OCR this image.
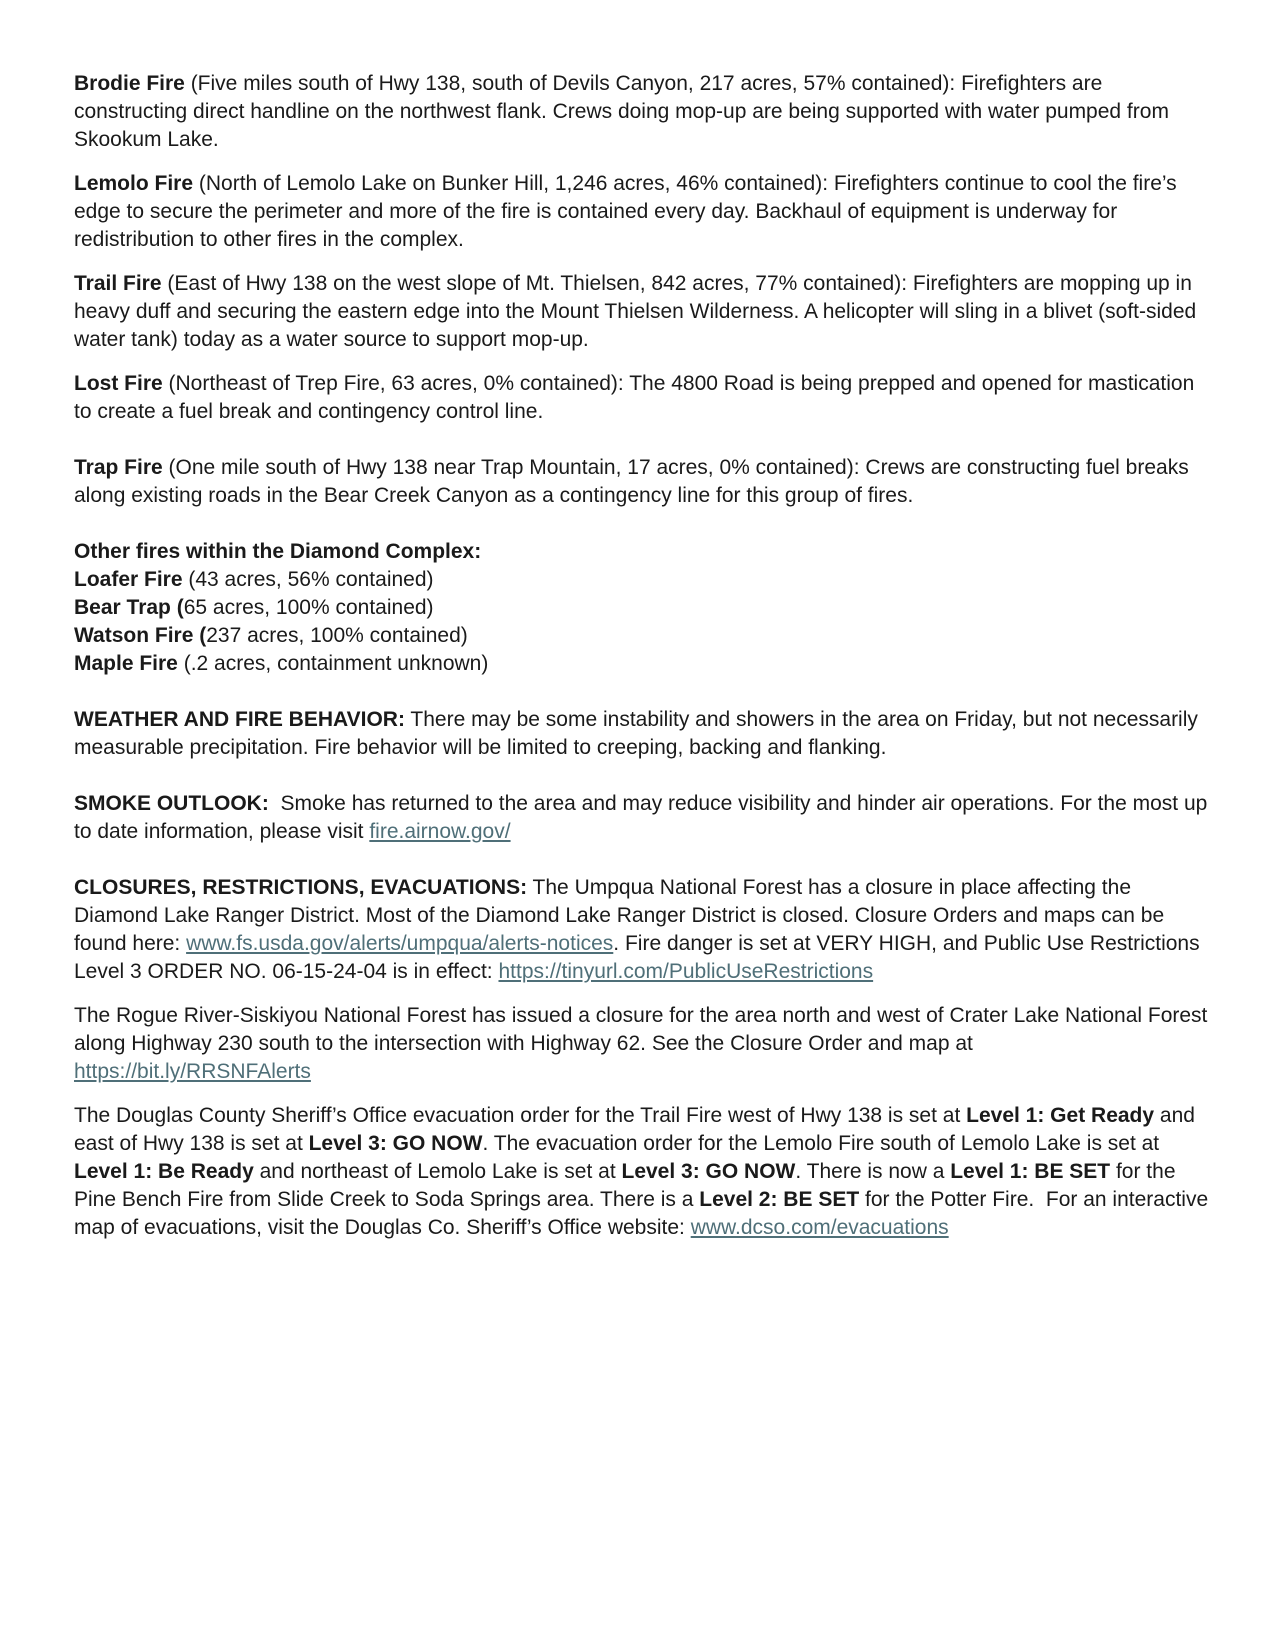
Brodie Fire (Five miles south of Hwy 138, south of Devils Canyon, 217 acres, 57% contained): Firefighters are constructing direct handline on the northwest flank. Crews doing mop-up are being supported with water pumped from Skookum Lake.

Lemolo Fire (North of Lemolo Lake on Bunker Hill, 1,246 acres, 46% contained): Firefighters continue to cool the fire’s edge to secure the perimeter and more of the fire is contained every day. Backhaul of equipment is underway for redistribution to other fires in the complex.

Trail Fire (East of Hwy 138 on the west slope of Mt. Thielsen, 842 acres, 77% contained): Firefighters are mopping up in heavy duff and securing the eastern edge into the Mount Thielsen Wilderness. A helicopter will sling in a blivet (soft-sided water tank) today as a water source to support mop-up.

Lost Fire (Northeast of Trep Fire, 63 acres, 0% contained): The 4800 Road is being prepped and opened for mastication to create a fuel break and contingency control line.

Trap Fire (One mile south of Hwy 138 near Trap Mountain, 17 acres, 0% contained): Crews are constructing fuel breaks along existing roads in the Bear Creek Canyon as a contingency line for this group of fires.

Other fires within the Diamond Complex:

Loafer Fire (43 acres, 56% contained)

Bear Trap (65 acres, 100% contained)

Watson Fire (237 acres, 100% contained)

Maple Fire (.2 acres, containment unknown)

WEATHER AND FIRE BEHAVIOR: There may be some instability and showers in the area on Friday, but not necessarily measurable precipitation. Fire behavior will be limited to creeping, backing and flanking.

SMOKE OUTLOOK:  Smoke has returned to the area and may reduce visibility and hinder air operations. For the most up to date information, please visit fire.airnow.gov/

CLOSURES, RESTRICTIONS, EVACUATIONS: The Umpqua National Forest has a closure in place affecting the Diamond Lake Ranger District. Most of the Diamond Lake Ranger District is closed. Closure Orders and maps can be found here: www.fs.usda.gov/alerts/umpqua/alerts-notices. Fire danger is set at VERY HIGH, and Public Use Restrictions Level 3 ORDER NO. 06-15-24-04 is in effect: https://tinyurl.com/PublicUseRestrictions

The Rogue River-Siskiyou National Forest has issued a closure for the area north and west of Crater Lake National Forest along Highway 230 south to the intersection with Highway 62. See the Closure Order and map at https://bit.ly/RRSNFAlerts

The Douglas County Sheriff’s Office evacuation order for the Trail Fire west of Hwy 138 is set at Level 1: Get Ready and east of Hwy 138 is set at Level 3: GO NOW. The evacuation order for the Lemolo Fire south of Lemolo Lake is set at Level 1: Be Ready and northeast of Lemolo Lake is set at Level 3: GO NOW. There is now a Level 1: BE SET for the Pine Bench Fire from Slide Creek to Soda Springs area. There is a Level 2: BE SET for the Potter Fire.  For an interactive map of evacuations, visit the Douglas Co. Sheriff’s Office website: www.dcso.com/evacuations
